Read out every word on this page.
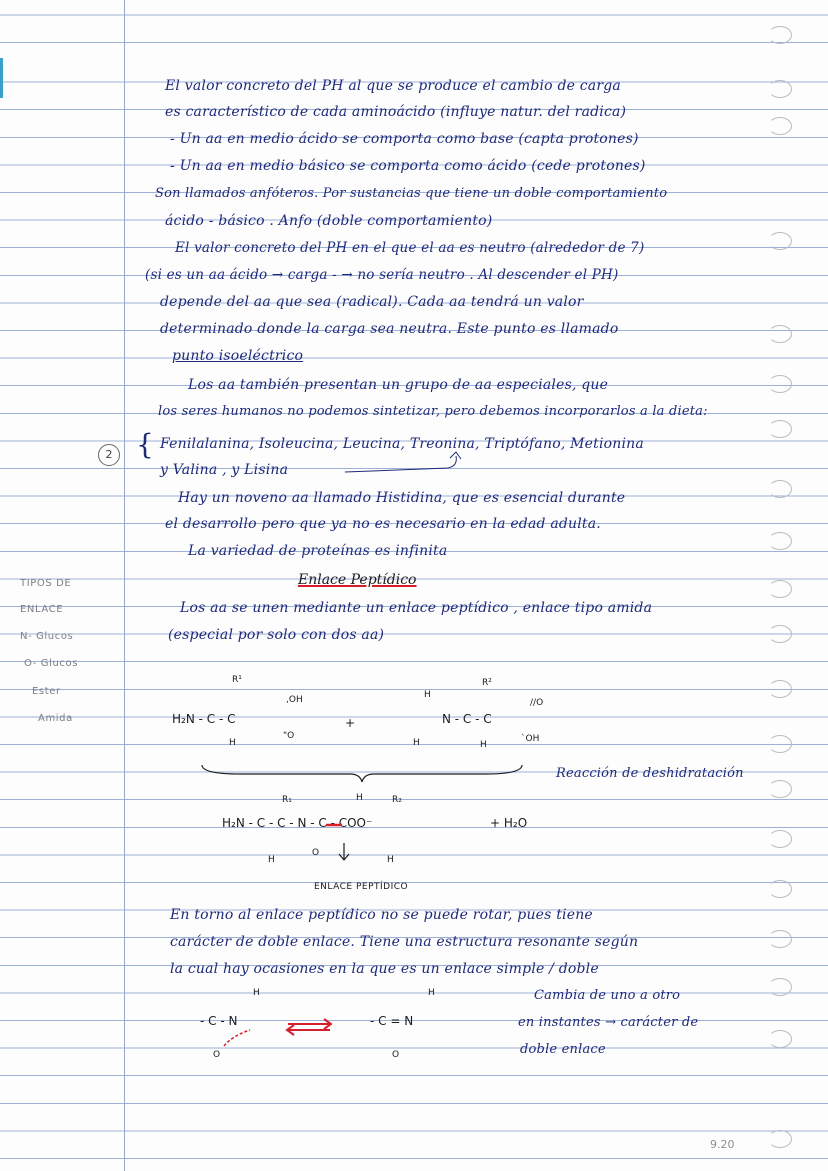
El valor concreto del PH al que se produce el cambio de carga
es característico de cada aminoácido (influye natur. del radica)
- Un aa en medio ácido se comporta como base (capta protones)
- Un aa en medio básico se comporta como ácido (cede protones)
Son llamados anfóteros. Por sustancias que tiene un doble comportamiento
ácido - básico . Anfo (doble comportamiento)
El valor concreto del PH en el que el aa es neutro (alrededor de 7)
(si es un aa ácido → carga - → no sería neutro . Al descender el PH)
depende del aa que sea (radical). Cada aa tendrá un valor
determinado donde la carga sea neutra. Este punto es llamado
punto isoeléctrico
Los aa también presentan un grupo de aa especiales, que
los seres humanos no podemos sintetizar, pero debemos incorporarlos a la dieta:
2 { Fenilalanina, Isoleucina, Leucina, Treonina, Triptófano, Metionina
y Valina , y Lisina
Hay un noveno aa llamado Histidina, que es esencial durante
el desarrollo pero que ya no es necesario en la edad adulta.
La variedad de proteínas es infinita
Enlace Peptídico
TIPOS DE
ENLACE
N- Glucos
O- Glucos
Ester
Amida
Los aa se unen mediante un enlace peptídico , enlace tipo amida
(especial por solo con dos aa)
R¹
H₂N - C - C
,OH
"O
H
+
H
R²
N - C - C
//O
`OH
H	H
Reacción de deshidratación
R₁	H	R₂
H₂N - C - C - N - C - COO⁻	+ H₂O
O
H	H
ENLACE PEPTÍDICO
En torno al enlace peptídico no se puede rotar, pues tiene
carácter de doble enlace. Tiene una estructura resonante según
la cual hay ocasiones en la que es un enlace simple / doble
H
- C - N
O
H
- C = N
O
Cambia de uno a otro
en instantes → carácter de
doble enlace
9.20
